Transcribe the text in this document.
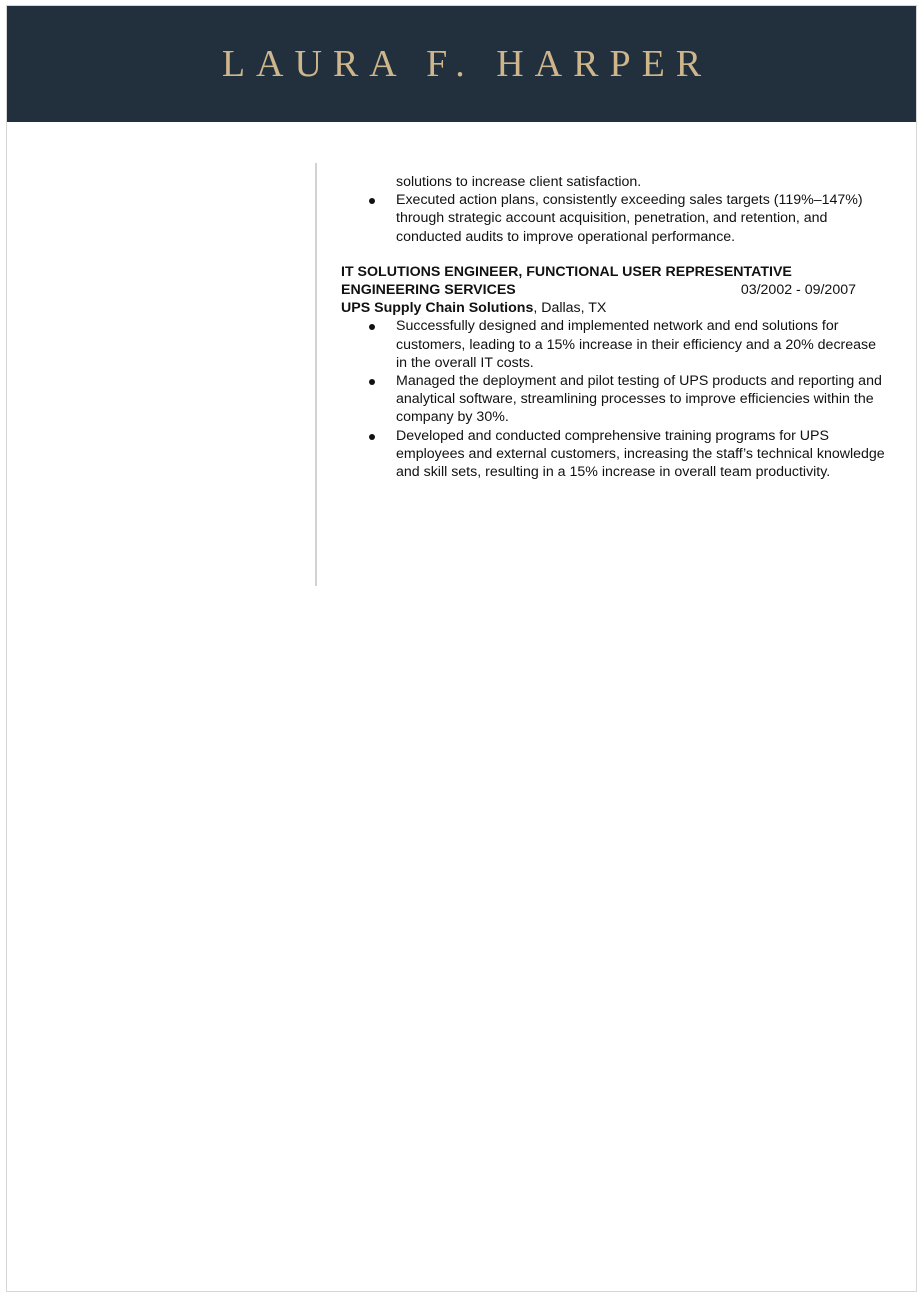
LAURA F. HARPER
solutions to increase client satisfaction.
Executed action plans, consistently exceeding sales targets (119%–147%) through strategic account acquisition, penetration, and retention, and conducted audits to improve operational performance.
IT SOLUTIONS ENGINEER, FUNCTIONAL USER REPRESENTATIVE
ENGINEERING SERVICES	03/2002 - 09/2007
UPS Supply Chain Solutions, Dallas, TX
Successfully designed and implemented network and end solutions for customers, leading to a 15% increase in their efficiency and a 20% decrease in the overall IT costs.
Managed the deployment and pilot testing of UPS products and reporting and analytical software, streamlining processes to improve efficiencies within the company by 30%.
Developed and conducted comprehensive training programs for UPS employees and external customers, increasing the staff’s technical knowledge and skill sets, resulting in a 15% increase in overall team productivity.
